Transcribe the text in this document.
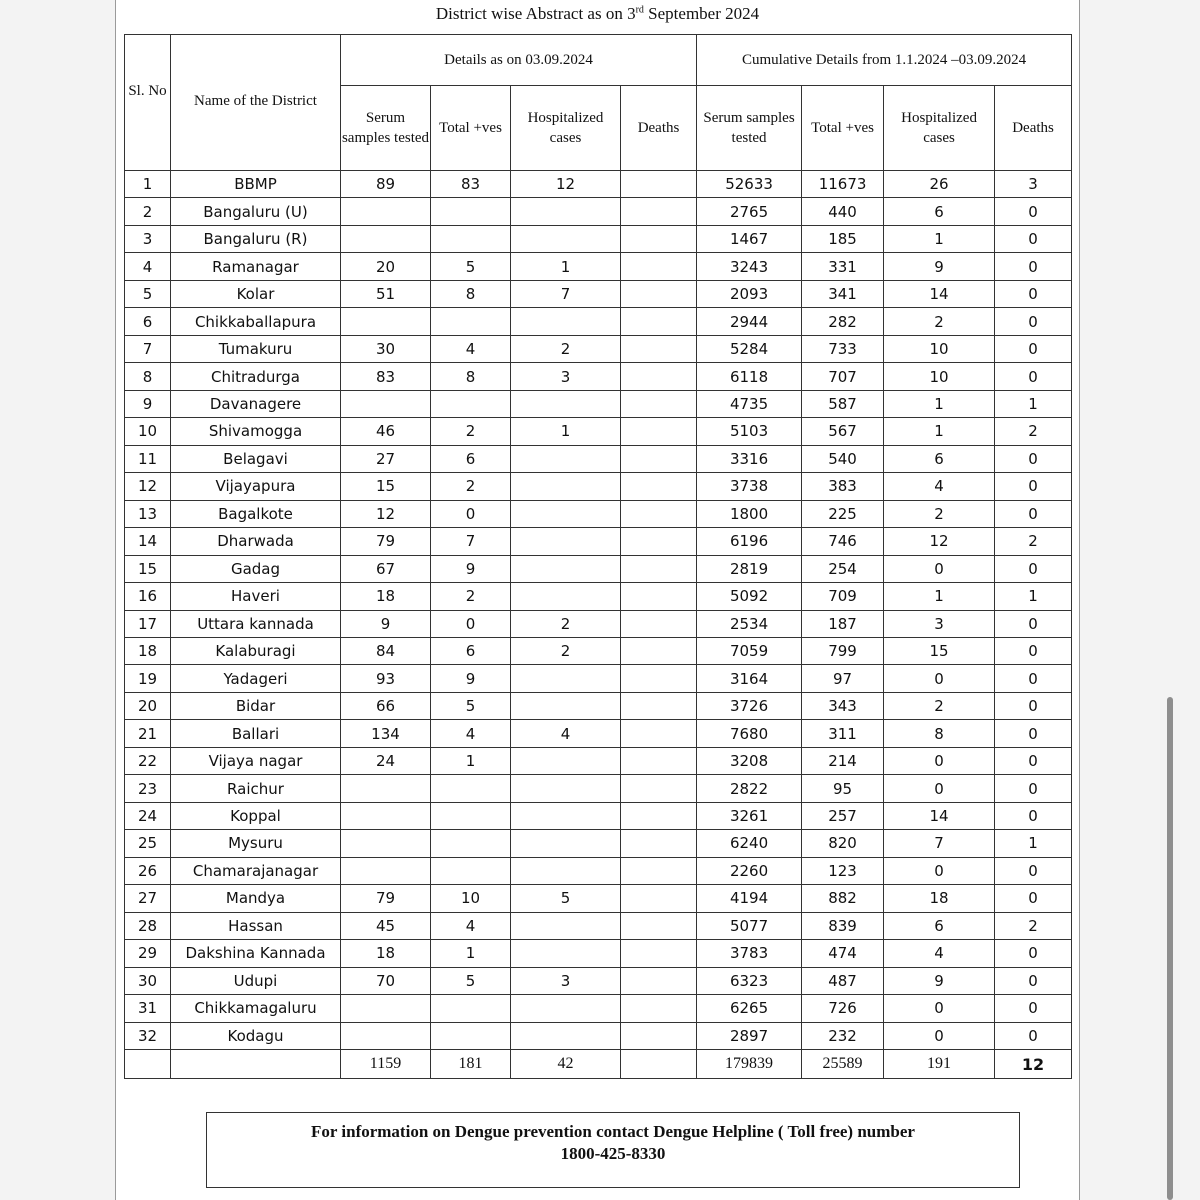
District wise Abstract as on 3rd September 2024
Sl. No	Name of the District	Details as on 03.09.2024				Cumulative Details from 1.1.2024 –03.09.2024			
		Serum samples tested	Total +ves	Hospitalized cases	Deaths	Serum samples tested	Total +ves	Hospitalized cases	Deaths
1	BBMP	89	83	12		52633	11673	26	3
2	Bangaluru (U)					2765	440	6	0
3	Bangaluru (R)					1467	185	1	0
4	Ramanagar	20	5	1		3243	331	9	0
5	Kolar	51	8	7		2093	341	14	0
6	Chikkaballapura					2944	282	2	0
7	Tumakuru	30	4	2		5284	733	10	0
8	Chitradurga	83	8	3		6118	707	10	0
9	Davanagere					4735	587	1	1
10	Shivamogga	46	2	1		5103	567	1	2
11	Belagavi	27	6			3316	540	6	0
12	Vijayapura	15	2			3738	383	4	0
13	Bagalkote	12	0			1800	225	2	0
14	Dharwada	79	7			6196	746	12	2
15	Gadag	67	9			2819	254	0	0
16	Haveri	18	2			5092	709	1	1
17	Uttara kannada	9	0	2		2534	187	3	0
18	Kalaburagi	84	6	2		7059	799	15	0
19	Yadageri	93	9			3164	97	0	0
20	Bidar	66	5			3726	343	2	0
21	Ballari	134	4	4		7680	311	8	0
22	Vijaya nagar	24	1			3208	214	0	0
23	Raichur					2822	95	0	0
24	Koppal					3261	257	14	0
25	Mysuru					6240	820	7	1
26	Chamarajanagar					2260	123	0	0
27	Mandya	79	10	5		4194	882	18	0
28	Hassan	45	4			5077	839	6	2
29	Dakshina Kannada	18	1			3783	474	4	0
30	Udupi	70	5	3		6323	487	9	0
31	Chikkamagaluru					6265	726	0	0
32	Kodagu					2897	232	0	0
		1159	181	42		179839	25589	191	12
For information on Dengue prevention contact Dengue Helpline ( Toll free) number
1800-425-8330
